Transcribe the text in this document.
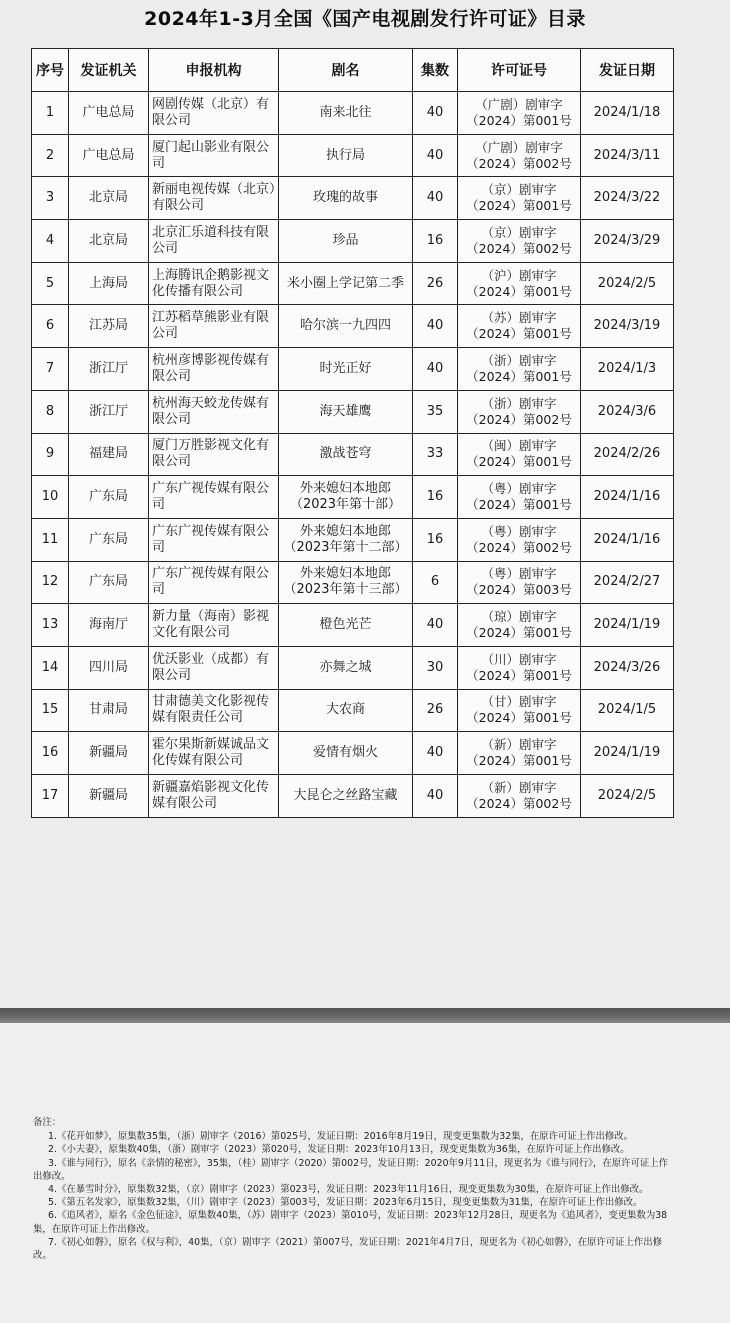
2024年1-3月全国《国产电视剧发行许可证》目录
序号	发证机关	申报机构	剧名	集数	许可证号	发证日期
1	广电总局	网剧传媒（北京）有限公司	南来北往	40	（广剧）剧审字（2024）第001号	2024/1/18
2	广电总局	厦门起山影业有限公司	执行局	40	（广剧）剧审字（2024）第002号	2024/3/11
3	北京局	新丽电视传媒（北京）有限公司	玫瑰的故事	40	（京）剧审字（2024）第001号	2024/3/22
4	北京局	北京汇乐道科技有限公司	珍品	16	（京）剧审字（2024）第002号	2024/3/29
5	上海局	上海腾讯企鹅影视文化传播有限公司	米小圈上学记第二季	26	（沪）剧审字（2024）第001号	2024/2/5
6	江苏局	江苏稻草熊影业有限公司	哈尔滨一九四四	40	（苏）剧审字（2024）第001号	2024/3/19
7	浙江厅	杭州彦博影视传媒有限公司	时光正好	40	（浙）剧审字（2024）第001号	2024/1/3
8	浙江厅	杭州海天蛟龙传媒有限公司	海天雄鹰	35	（浙）剧审字（2024）第002号	2024/3/6
9	福建局	厦门万胜影视文化有限公司	激战苍穹	33	（闽）剧审字（2024）第001号	2024/2/26
10	广东局	广东广视传媒有限公司	外来媳妇本地郎（2023年第十部）	16	（粤）剧审字（2024）第001号	2024/1/16
11	广东局	广东广视传媒有限公司	外来媳妇本地郎（2023年第十二部）	16	（粤）剧审字（2024）第002号	2024/1/16
12	广东局	广东广视传媒有限公司	外来媳妇本地郎（2023年第十三部）	6	（粤）剧审字（2024）第003号	2024/2/27
13	海南厅	新力量（海南）影视文化有限公司	橙色光芒	40	（琼）剧审字（2024）第001号	2024/1/19
14	四川局	优沃影业（成都）有限公司	亦舞之城	30	（川）剧审字（2024）第001号	2024/3/26
15	甘肃局	甘肃德美文化影视传媒有限责任公司	大农商	26	（甘）剧审字（2024）第001号	2024/1/5
16	新疆局	霍尔果斯新媒诚品文化传媒有限公司	爱情有烟火	40	（新）剧审字（2024）第001号	2024/1/19
17	新疆局	新疆嘉焰影视文化传媒有限公司	大昆仑之丝路宝藏	40	（新）剧审字（2024）第002号	2024/2/5
备注：
1.《花开如梦》，原集数35集，（浙）剧审字（2016）第025号，发证日期：2016年8月19日，现变更集数为32集，在原许可证上作出修改。
2.《小夫妻》，原集数40集，（浙）剧审字（2023）第020号，发证日期：2023年10月13日，现变更集数为36集，在原许可证上作出修改。
3.《谁与同行》，原名《亲情的秘密》，35集，（桂）剧审字（2020）第002号，发证日期：2020年9月11日，现更名为《谁与同行》，在原许可证上作出修改。
4.《在暴雪时分》，原集数32集，（京）剧审字（2023）第023号，发证日期：2023年11月16日，现变更集数为30集，在原许可证上作出修改。
5.《第五名发家》，原集数32集，（川）剧审字（2023）第003号，发证日期：2023年6月15日，现变更集数为31集，在原许可证上作出修改。
6.《追风者》，原名《金色征途》，原集数40集，（苏）剧审字（2023）第010号，发证日期：2023年12月28日，现更名为《追风者》，变更集数为38集，在原许可证上作出修改。
7.《初心如磐》，原名《权与利》，40集，（京）剧审字（2021）第007号，发证日期：2021年4月7日，现更名为《初心如磐》，在原许可证上作出修改。
